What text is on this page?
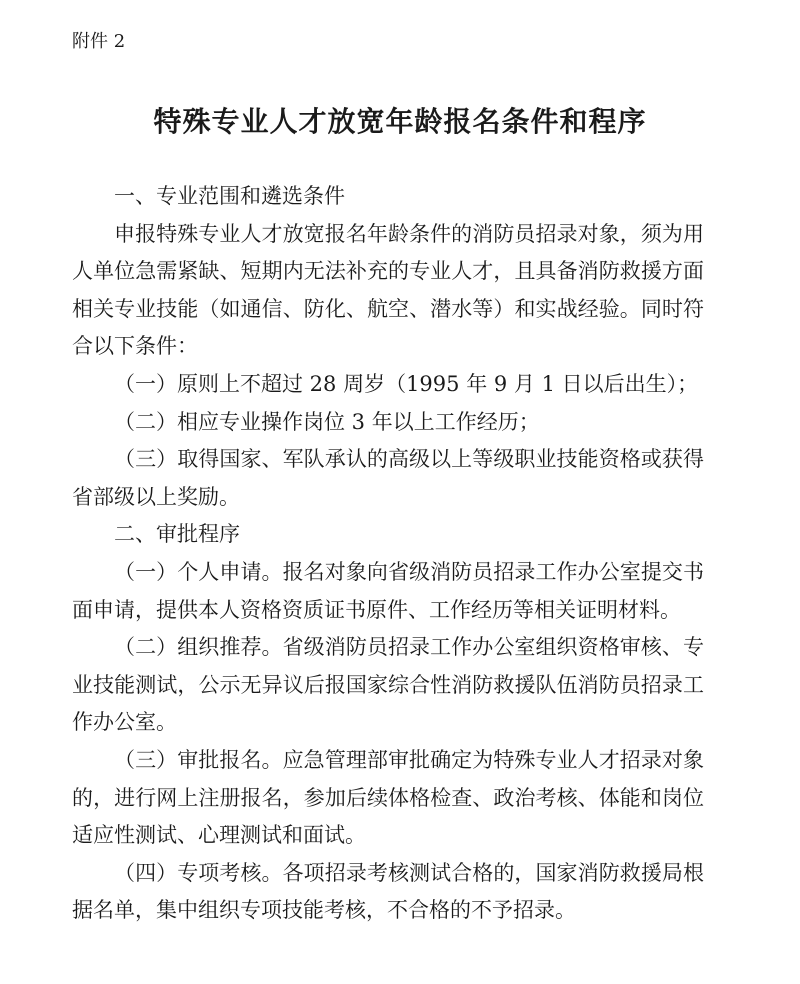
附件 2
特殊专业人才放宽年龄报名条件和程序

一、专业范围和遴选条件

申报特殊专业人才放宽报名年龄条件的消防员招录对象，须为用人单位急需紧缺、短期内无法补充的专业人才，且具备消防救援方面相关专业技能（如通信、防化、航空、潜水等）和实战经验。同时符合以下条件：

（一）原则上不超过 28 周岁（1995 年 9 月 1 日以后出生）；

（二）相应专业操作岗位 3 年以上工作经历；

（三）取得国家、军队承认的高级以上等级职业技能资格或获得省部级以上奖励。

二、审批程序

（一）个人申请。报名对象向省级消防员招录工作办公室提交书面申请，提供本人资格资质证书原件、工作经历等相关证明材料。

（二）组织推荐。省级消防员招录工作办公室组织资格审核、专业技能测试，公示无异议后报国家综合性消防救援队伍消防员招录工作办公室。

（三）审批报名。应急管理部审批确定为特殊专业人才招录对象的，进行网上注册报名，参加后续体格检查、政治考核、体能和岗位适应性测试、心理测试和面试。

（四）专项考核。各项招录考核测试合格的，国家消防救援局根据名单，集中组织专项技能考核，不合格的不予招录。
